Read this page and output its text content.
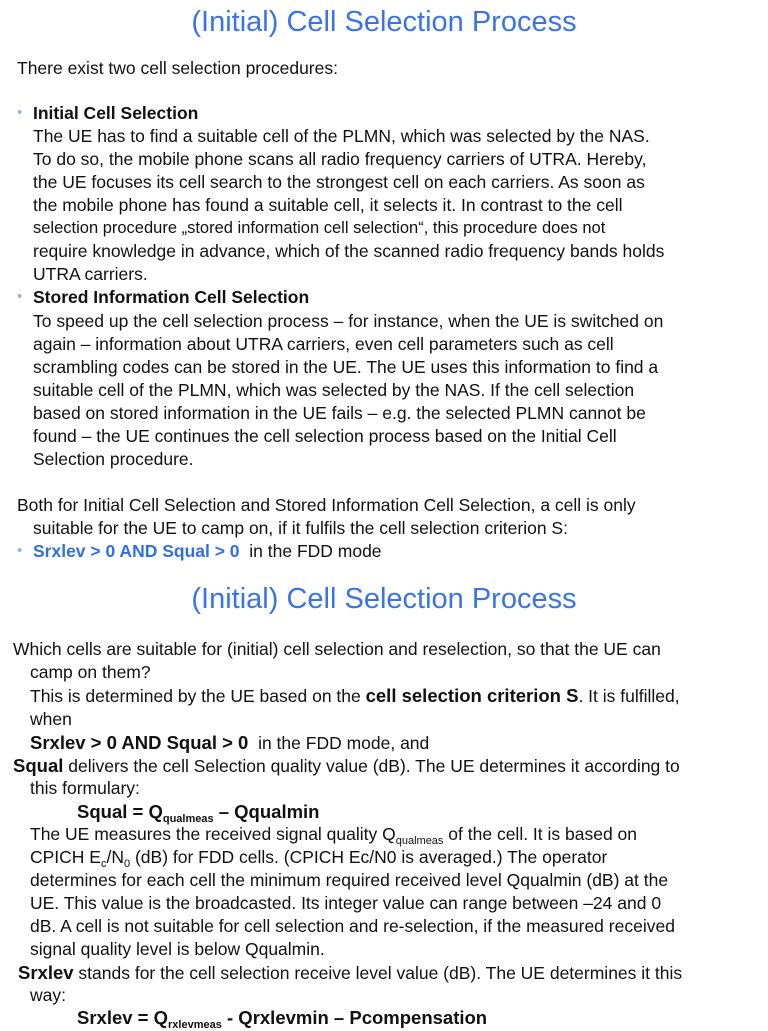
(Initial) Cell Selection Process

There exist two cell selection procedures:

• Initial Cell Selection

The UE has to find a suitable cell of the PLMN, which was selected by the NAS.

To do so, the mobile phone scans all radio frequency carriers of UTRA. Hereby,

the UE focuses its cell search to the strongest cell on each carriers. As soon as

the mobile phone has found a suitable cell, it selects it. In contrast to the cell

selection procedure „stored information cell selection“, this procedure does not

require knowledge in advance, which of the scanned radio frequency bands holds

UTRA carriers.

• Stored Information Cell Selection

To speed up the cell selection process – for instance, when the UE is switched on

again – information about UTRA carriers, even cell parameters such as cell

scrambling codes can be stored in the UE. The UE uses this information to find a

suitable cell of the PLMN, which was selected by the NAS. If the cell selection

based on stored information in the UE fails – e.g. the selected PLMN cannot be

found – the UE continues the cell selection process based on the Initial Cell

Selection procedure.

Both for Initial Cell Selection and Stored Information Cell Selection, a cell is only

suitable for the UE to camp on, if it fulfils the cell selection criterion S:

• Srxlev > 0 AND Squal > 0 in the FDD mode

(Initial) Cell Selection Process

Which cells are suitable for (initial) cell selection and reselection, so that the UE can

camp on them?

This is determined by the UE based on the cell selection criterion S. It is fulfilled,

when

Srxlev > 0 AND Squal > 0 in the FDD mode, and

Squal delivers the cell Selection quality value (dB). The UE determines it according to

this formulary:

Squal = $Q_{qualmeas}$ – Qqualmin

The UE measures the received signal quality $Q_{qualmeas}$ of the cell. It is based on

CPICH $E_c/N_0$ (dB) for FDD cells. (CPICH Ec/N0 is averaged.) The operator

determines for each cell the minimum required received level Qqualmin (dB) at the

UE. This value is the broadcasted. Its integer value can range between –24 and 0

dB. A cell is not suitable for cell selection and re-selection, if the measured received

signal quality level is below Qqualmin.

Srxlev stands for the cell selection receive level value (dB). The UE determines it this

way:

Srxlev = $Q_{rxlevmeas}$ - Qrxlevmin – Pcompensation
